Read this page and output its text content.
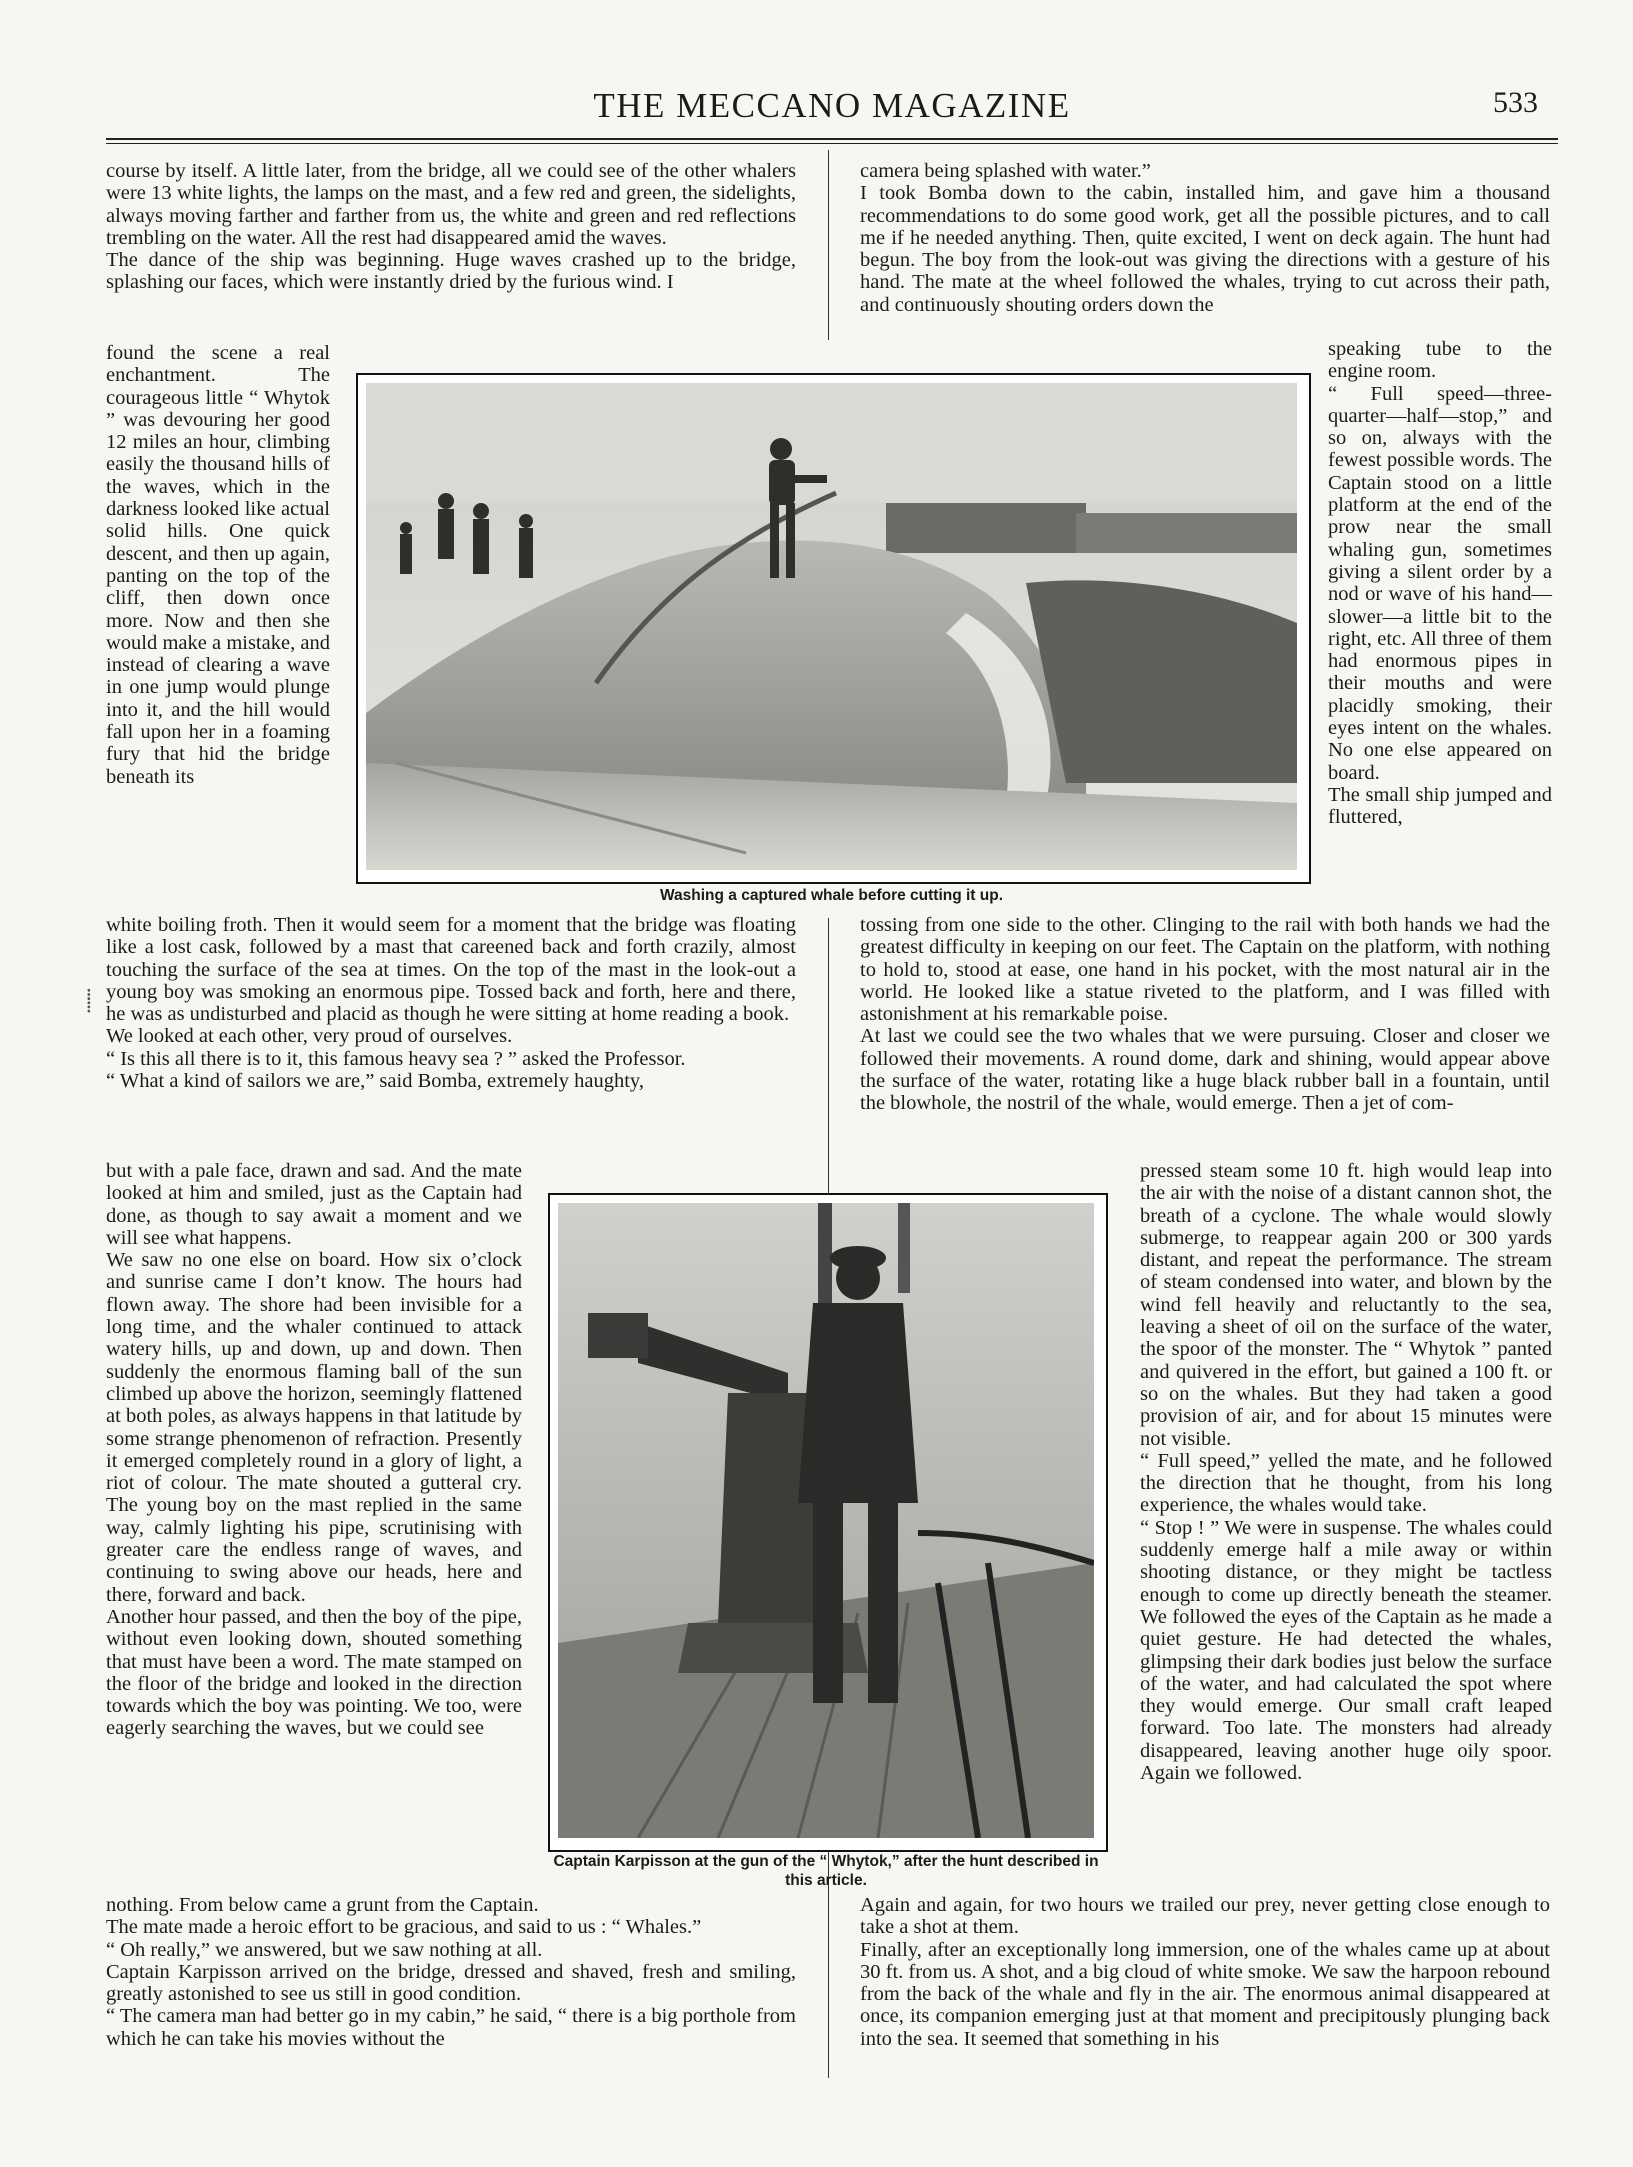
THE MECCANO MAGAZINE	533
⸽
course by itself. A little later, from the bridge, all we could see of the other whalers were 13 white lights, the lamps on the mast, and a few red and green, the sidelights, always moving farther and farther from us, the white and green and red reflections trembling on the water. All the rest had disappeared amid the waves.
The dance of the ship was beginning. Huge waves crashed up to the bridge, splashing our faces, which were instantly dried by the furious wind. I
found the scene a real enchantment. The courageous little “ Whytok ” was devouring her good 12 miles an hour, climbing easily the thousand hills of the waves, which in the darkness looked like actual solid hills. One quick descent, and then up again, panting on the top of the cliff, then down once more. Now and then she would make a mistake, and instead of clearing a wave in one jump would plunge into it, and the hill would fall upon her in a foaming fury that hid the bridge beneath its
white boiling froth. Then it would seem for a moment that the bridge was floating like a lost cask, followed by a mast that careened back and forth crazily, almost touching the surface of the sea at times. On the top of the mast in the look-out a young boy was smoking an enormous pipe. Tossed back and forth, here and there, he was as undisturbed and placid as though he were sitting at home reading a book.
We looked at each other, very proud of ourselves.
“ Is this all there is to it, this famous heavy sea ? ” asked the Professor.
“ What a kind of sailors we are,” said Bomba, extremely haughty,
but with a pale face, drawn and sad. And the mate looked at him and smiled, just as the Captain had done, as though to say await a moment and we will see what happens.
We saw no one else on board. How six o’clock and sunrise came I don’t know. The hours had flown away. The shore had been invisible for a long time, and the whaler continued to attack watery hills, up and down, up and down. Then suddenly the enormous flaming ball of the sun climbed up above the horizon, seemingly flattened at both poles, as always happens in that latitude by some strange phenomenon of refraction. Presently it emerged completely round in a glory of light, a riot of colour. The mate shouted a gutteral cry. The young boy on the mast replied in the same way, calmly lighting his pipe, scrutinising with greater care the endless range of waves, and continuing to swing above our heads, here and there, forward and back.
Another hour passed, and then the boy of the pipe, without even looking down, shouted something that must have been a word. The mate stamped on the floor of the bridge and looked in the direction towards which the boy was pointing. We too, were eagerly searching the waves, but we could see
nothing. From below came a grunt from the Captain.
The mate made a heroic effort to be gracious, and said to us : “ Whales.”
“ Oh really,” we answered, but we saw nothing at all.
Captain Karpisson arrived on the bridge, dressed and shaved, fresh and smiling, greatly astonished to see us still in good condition.
“ The camera man had better go in my cabin,” he said, “ there is a big porthole from which he can take his movies without the
camera being splashed with water.”
I took Bomba down to the cabin, installed him, and gave him a thousand recommendations to do some good work, get all the possible pictures, and to call me if he needed anything. Then, quite excited, I went on deck again. The hunt had begun. The boy from the look-out was giving the directions with a gesture of his hand. The mate at the wheel followed the whales, trying to cut across their path, and continuously shouting orders down the
speaking tube to the engine room.
“ Full speed—three-quarter—half—stop,” and so on, always with the fewest possible words. The Captain stood on a little platform at the end of the prow near the small whaling gun, sometimes giving a silent order by a nod or wave of his hand—slower—a little bit to the right, etc. All three of them had enormous pipes in their mouths and were placidly smoking, their eyes intent on the whales. No one else appeared on board.
The small ship jumped and fluttered,
tossing from one side to the other. Clinging to the rail with both hands we had the greatest difficulty in keeping on our feet. The Captain on the platform, with nothing to hold to, stood at ease, one hand in his pocket, with the most natural air in the world. He looked like a statue riveted to the platform, and I was filled with astonishment at his remarkable poise.
At last we could see the two whales that we were pursuing. Closer and closer we followed their movements. A round dome, dark and shining, would appear above the surface of the water, rotating like a huge black rubber ball in a fountain, until the blowhole, the nostril of the whale, would emerge. Then a jet of com-
pressed steam some 10 ft. high would leap into the air with the noise of a distant cannon shot, the breath of a cyclone. The whale would slowly submerge, to reappear again 200 or 300 yards distant, and repeat the performance. The stream of steam condensed into water, and blown by the wind fell heavily and reluctantly to the sea, leaving a sheet of oil on the surface of the water, the spoor of the monster. The “ Whytok ” panted and quivered in the effort, but gained a 100 ft. or so on the whales. But they had taken a good provision of air, and for about 15 minutes were not visible.
“ Full speed,” yelled the mate, and he followed the direction that he thought, from his long experience, the whales would take.
“ Stop ! ” We were in suspense. The whales could suddenly emerge half a mile away or within shooting distance, or they might be tactless enough to come up directly beneath the steamer. We followed the eyes of the Captain as he made a quiet gesture. He had detected the whales, glimpsing their dark bodies just below the surface of the water, and had calculated the spot where they would emerge. Our small craft leaped forward. Too late. The monsters had already disappeared, leaving another huge oily spoor. Again we followed.
Again and again, for two hours we trailed our prey, never getting close enough to take a shot at them.
Finally, after an exceptionally long immersion, one of the whales came up at about 30 ft. from us. A shot, and a big cloud of white smoke. We saw the harpoon rebound from the back of the whale and fly in the air. The enormous animal disappeared at once, its companion emerging just at that moment and precipitously plunging back into the sea. It seemed that something in his
Washing a captured whale before cutting it up.
Captain Karpisson at the gun of the “ Whytok,” after the hunt described in this article.
